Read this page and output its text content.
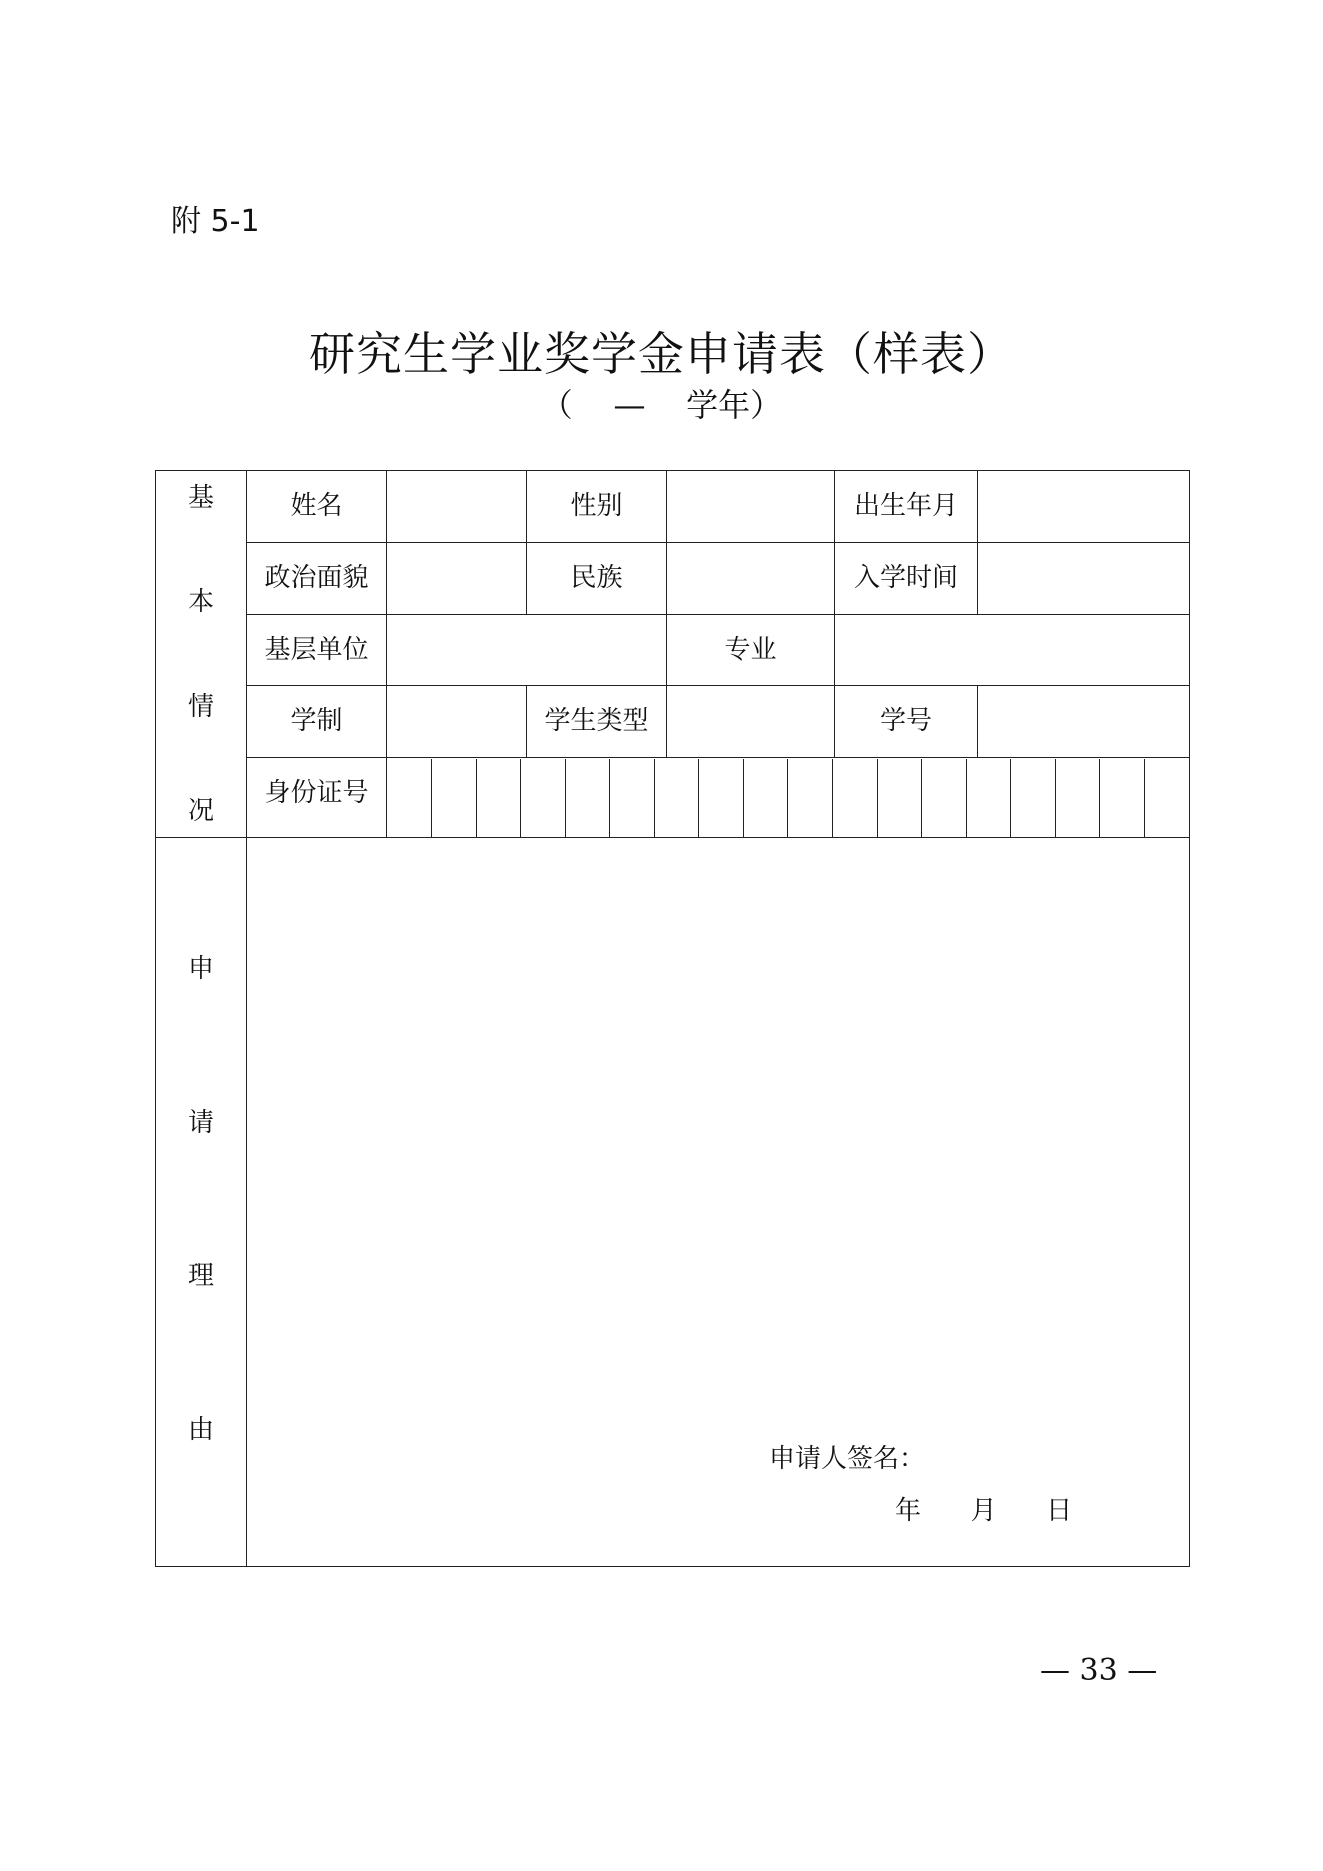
附 5-1
研究生学业奖学金申请表（样表）
（    —    学年）
基
本
情
况
	姓名		性别		出生年月	
政治面貌		民族		入学时间	
基层单位		专业	
学制		学生类型		学号	
身份证号	

申
请
理
由

申请人签名：
年      月      日
— 33 —
